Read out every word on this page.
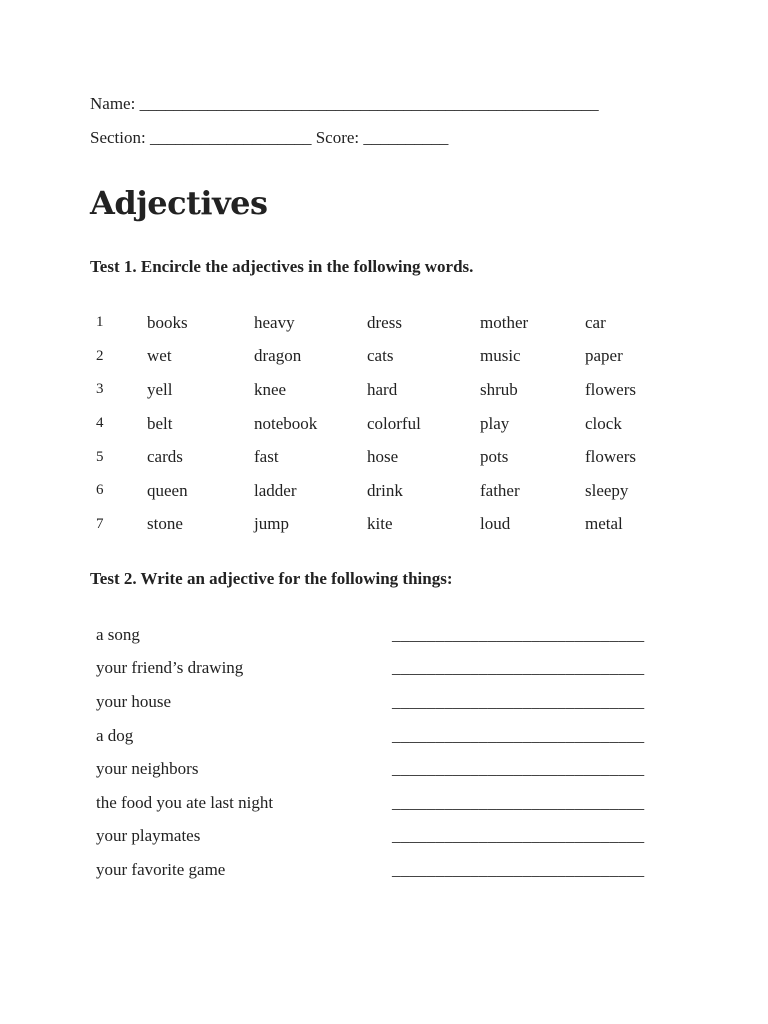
Name: ______________________________________________________
Section: ___________________ Score: __________
Adjectives
Test 1. Encircle the adjectives in the following words.
1	books	heavy	dress	mother	car
2	wet	dragon	cats	music	paper
3	yell	knee	hard	shrub	flowers
4	belt	notebook	colorful	play	clock
5	cards	fast	hose	pots	flowers
6	queen	ladder	drink	father	sleepy
7	stone	jump	kite	loud	metal
Test 2. Write an adjective for the following things:
a song	_____________________________
your friend’s drawing	_____________________________
your house	_____________________________
a dog	_____________________________
your neighbors	_____________________________
the food you ate last night	_____________________________
your playmates	_____________________________
your favorite game	_____________________________
